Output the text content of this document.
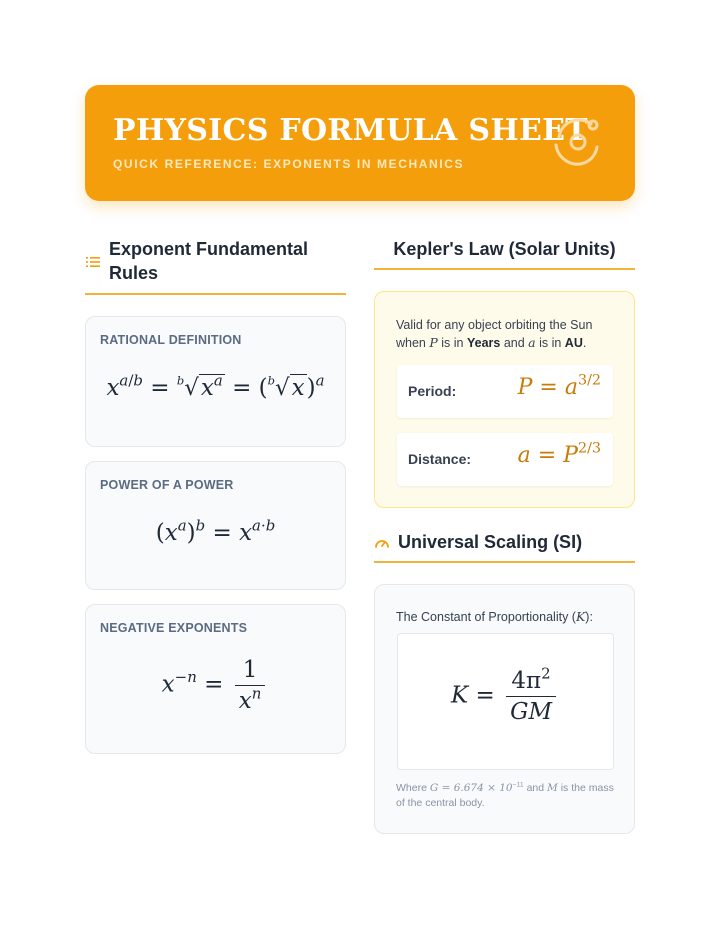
PHYSICS FORMULA SHEET
QUICK REFERENCE: EXPONENTS IN MECHANICS
Exponent Fundamental
Rules
RATIONAL DEFINITION
$x^{a/b} = ^b√x^a = (^b√x)^a$
POWER OF A POWER
$(x^a)^b = x^{a\cdot b}$
NEGATIVE EXPONENTS
$x^{-n} = \frac{1}{x^n}$
Kepler's Law (Solar Units)
Valid for any object orbiting the Sun when P is in Years and a is in AU.
Period:	$P = a^{3/2}$
Distance: $a = P^{2/3}$
Universal Scaling (SI)
The Constant of Proportionality (K):
$K = \frac{4\pi^2}{GM}$
Where $G = 6.674 \times 10^{-11}$ and M is the mass of the central body.
